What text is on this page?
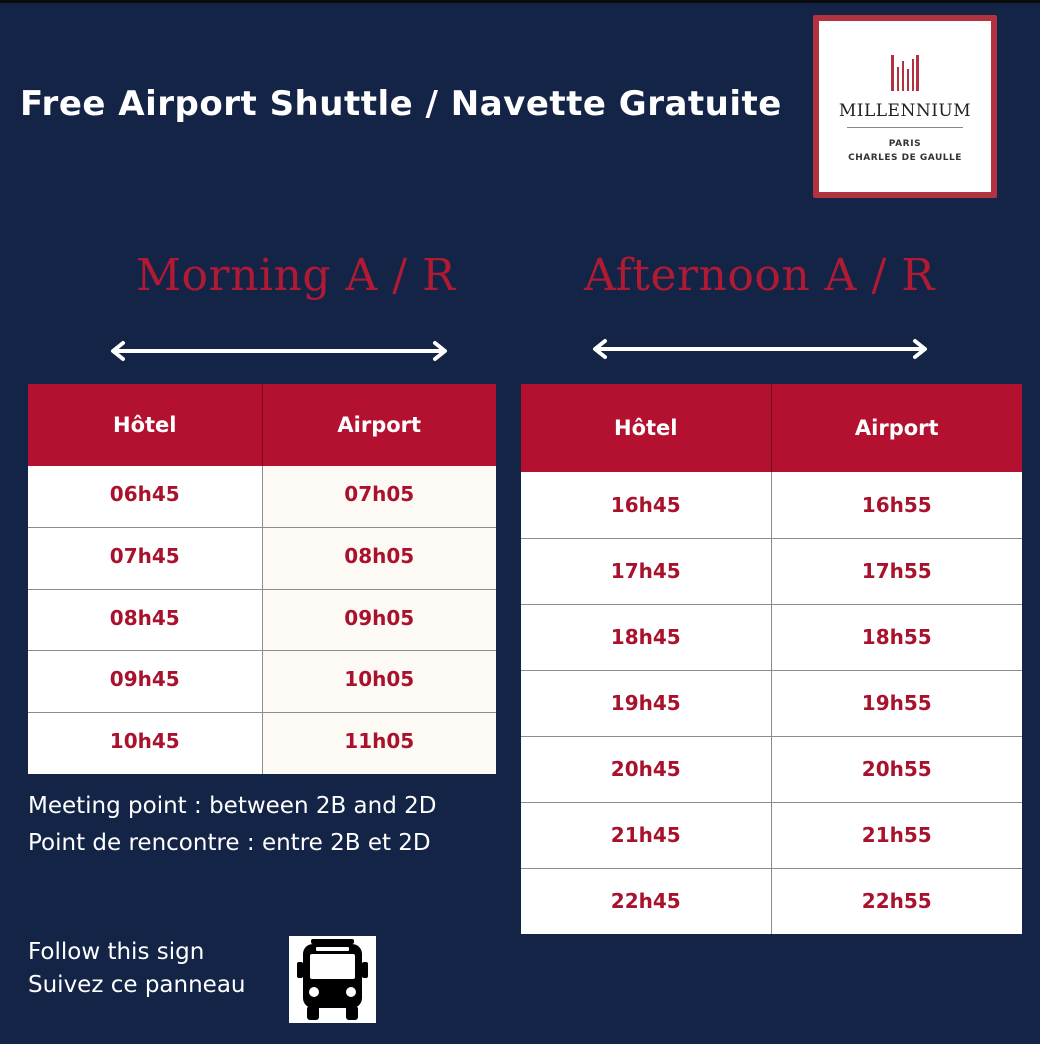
Free Airport Shuttle / Navette Gratuite	MILLENNIUM
PARIS
CHARLES DE GAULLE
Morning A / R	Afternoon A / R
Hôtel	Airport
06h45	07h05
07h45	08h05
08h45	09h05
09h45	10h05
10h45	11h05
Hôtel	Airport
16h45	16h55
17h45	17h55
18h45	18h55
19h45	19h55
20h45	20h55
21h45	21h55
22h45	22h55
Meeting point : between 2B and 2D
Point de rencontre : entre 2B et 2D
Follow this sign
Suivez ce panneau
